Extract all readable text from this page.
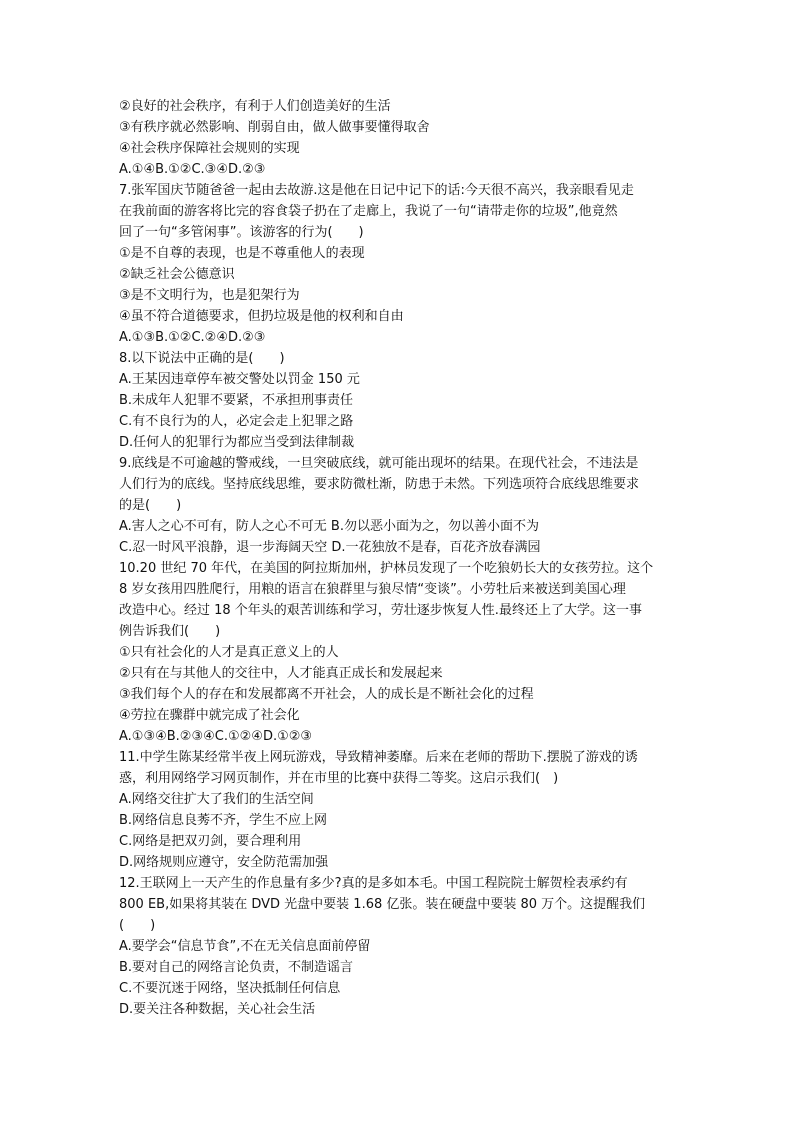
②良好的社会秩序，有利于人们创造美好的生活
③有秩序就必然影响、削弱自由，做人做事要懂得取舍
④社会秩序保障社会规则的实现
A.①④B.①②C.③④D.②③
7.张军国庆节随爸爸一起由去故游.这是他在日记中记下的话:今天很不高兴，我亲眼看见走
在我前面的游客将比完的容食袋子扔在了走廊上，我说了一句“请带走你的垃圾”,他竟然
回了一句“多管闲事”。该游客的行为(　　)
①是不自尊的表现，也是不尊重他人的表现
②缺乏社会公德意识
③是不文明行为，也是犯架行为
④虽不符合道德要求，但扔垃圾是他的权利和自由
A.①③B.①②C.②④D.②③
8.以下说法中正确的是(　　)
A.王某因违章停车被交警处以罚金 150 元
B.未成年人犯罪不要紧，不承担刑事责任
C.有不良行为的人，必定会走上犯罪之路
D.任何人的犯罪行为都应当受到法律制裁
9.底线是不可逾越的警戒线，一旦突破底线，就可能出现坏的结果。在现代社会，不违法是
人们行为的底线。坚持底线思维，要求防微杜渐，防患于未然。下列选项符合底线思维要求
的是(　　)
A.害人之心不可有，防人之心不可无 B.勿以恶小面为之，勿以善小面不为
C.忍一时风平浪静，退一步海阔天空 D.一花独放不是春，百花齐放春满园
10.20 世纪 70 年代，在美国的阿拉斯加州，护林员发现了一个吃狼奶长大的女孩劳拉。这个
8 岁女孩用四胜爬行，用粮的语言在狼群里与狼尽情“变谈”。小劳牡后来被送到美国心理
改造中心。经过 18 个年头的艰苦训练和学习，劳壮逐步恢复人性.最终还上了大学。这一事
例告诉我们(　　)
①只有社会化的人才是真正意义上的人
②只有在与其他人的交往中，人才能真正成长和发展起来
③我们每个人的存在和发展都离不开社会，人的成长是不断社会化的过程
④劳拉在骤群中就完成了社会化
A.①③④B.②③④C.①②④D.①②③
11.中学生陈某经常半夜上网玩游戏，导致精神萎靡。后来在老师的帮助下.摆脱了游戏的诱
惑，利用网络学习网页制作，并在市里的比赛中获得二等奖。这启示我们(　)
A.网络交往扩大了我们的生活空间
B.网络信息良莠不齐，学生不应上网
C.网络是把双刃剑，要合理利用
D.网络规则应遵守，安全防范需加强
12.王联网上一天产生的作息量有多少?真的是多如本毛。中国工程院院士解贺栓表承约有
800 EB,如果将其装在 DVD 光盘中要装 1.68 亿张。装在硬盘中要装 80 万个。这提醒我们
(　　)
A.要学会“信息节食”,不在无关信息面前停留
B.要对自己的网络言论负责，不制造谣言
C.不要沉迷于网络，坚决抵制任何信息
D.要关注各种数据，关心社会生活
